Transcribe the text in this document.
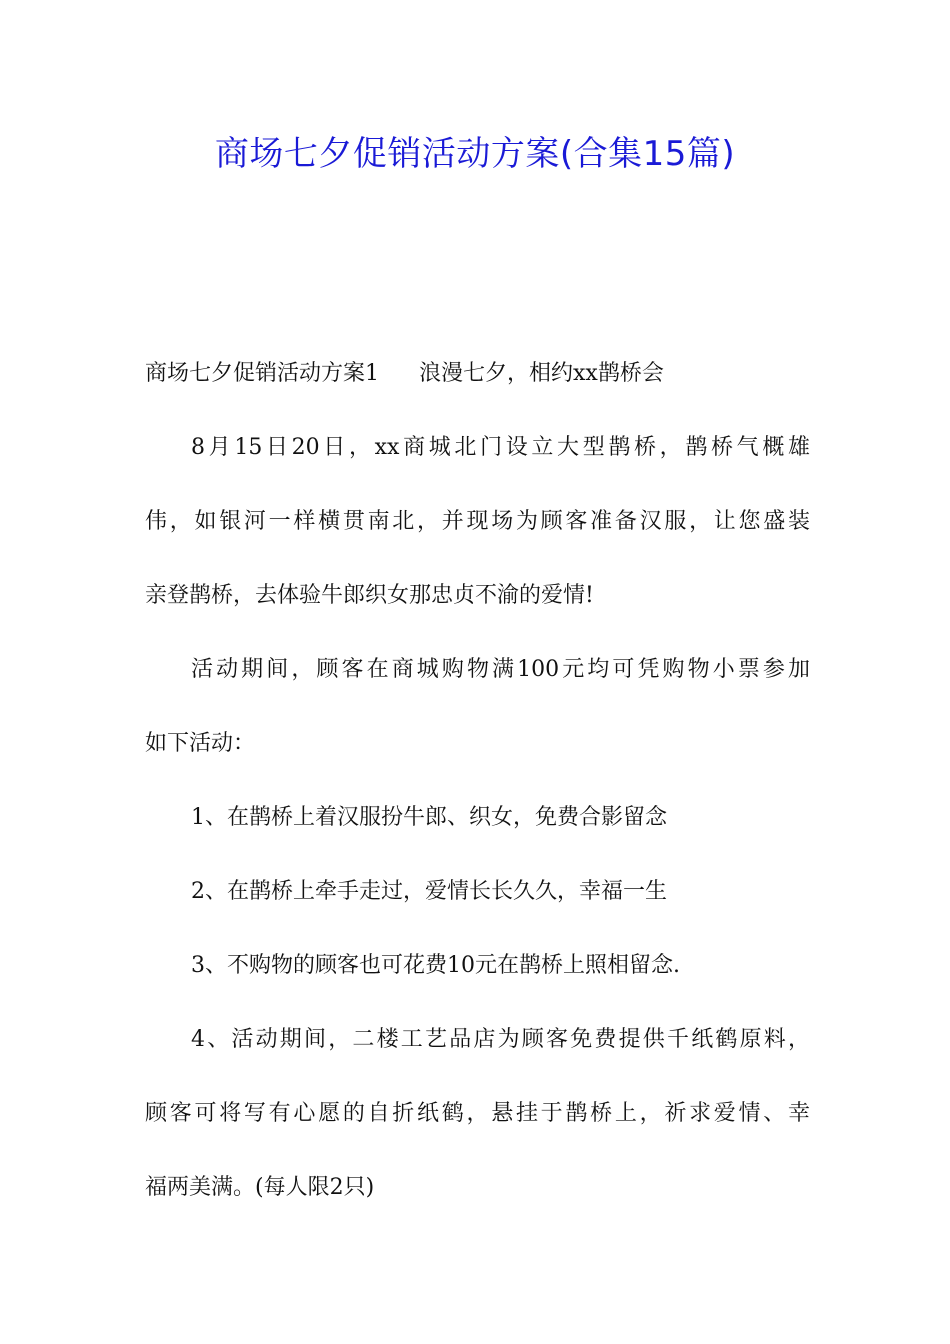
商场七夕促销活动方案(合集15篇)
商场七夕促销活动方案1 浪漫七夕，相约xx鹊桥会
8月15日20日，xx商城北门设立大型鹊桥，鹊桥气概雄
伟，如银河一样横贯南北，并现场为顾客准备汉服，让您盛装
亲登鹊桥，去体验牛郎织女那忠贞不渝的爱情!
活动期间，顾客在商城购物满100元均可凭购物小票参加
如下活动：
1、在鹊桥上着汉服扮牛郎、织女，免费合影留念
2、在鹊桥上牵手走过，爱情长长久久，幸福一生
3、不购物的顾客也可花费10元在鹊桥上照相留念.
4、活动期间，二楼工艺品店为顾客免费提供千纸鹤原料，
顾客可将写有心愿的自折纸鹤，悬挂于鹊桥上，祈求爱情、幸
福两美满。(每人限2只)
